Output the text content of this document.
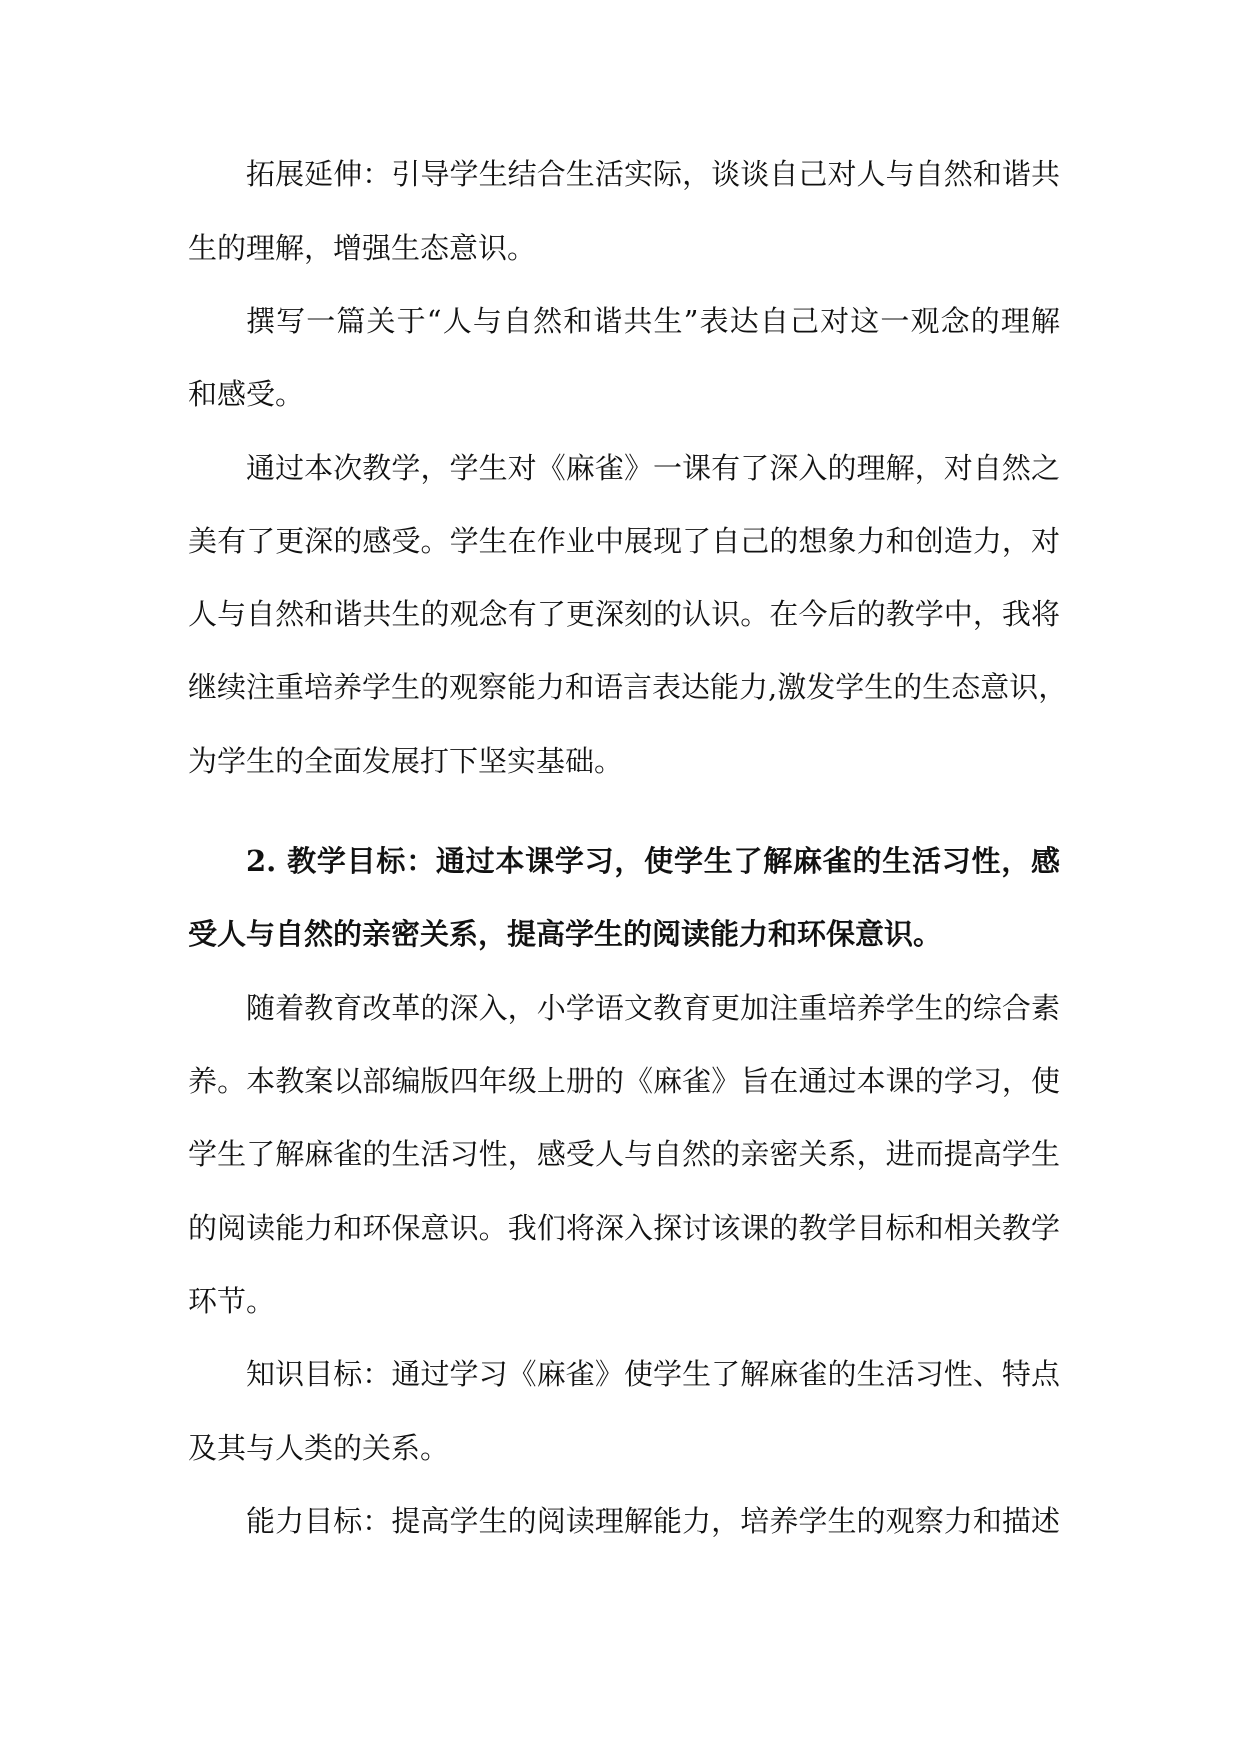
拓展延伸：引导学生结合生活实际，谈谈自己对人与自然和谐共
生的理解，增强生态意识。
撰写一篇关于“人与自然和谐共生”表达自己对这一观念的理解
和感受。
通过本次教学，学生对《麻雀》一课有了深入的理解，对自然之
美有了更深的感受。学生在作业中展现了自己的想象力和创造力，对
人与自然和谐共生的观念有了更深刻的认识。在今后的教学中，我将
继续注重培养学生的观察能力和语言表达能力,激发学生的生态意识，
为学生的全面发展打下坚实基础。
2. 教学目标：通过本课学习，使学生了解麻雀的生活习性，感
受人与自然的亲密关系，提高学生的阅读能力和环保意识。
随着教育改革的深入，小学语文教育更加注重培养学生的综合素
养。本教案以部编版四年级上册的《麻雀》旨在通过本课的学习，使
学生了解麻雀的生活习性，感受人与自然的亲密关系，进而提高学生
的阅读能力和环保意识。我们将深入探讨该课的教学目标和相关教学
环节。
知识目标：通过学习《麻雀》使学生了解麻雀的生活习性、特点
及其与人类的关系。
能力目标：提高学生的阅读理解能力，培养学生的观察力和描述
